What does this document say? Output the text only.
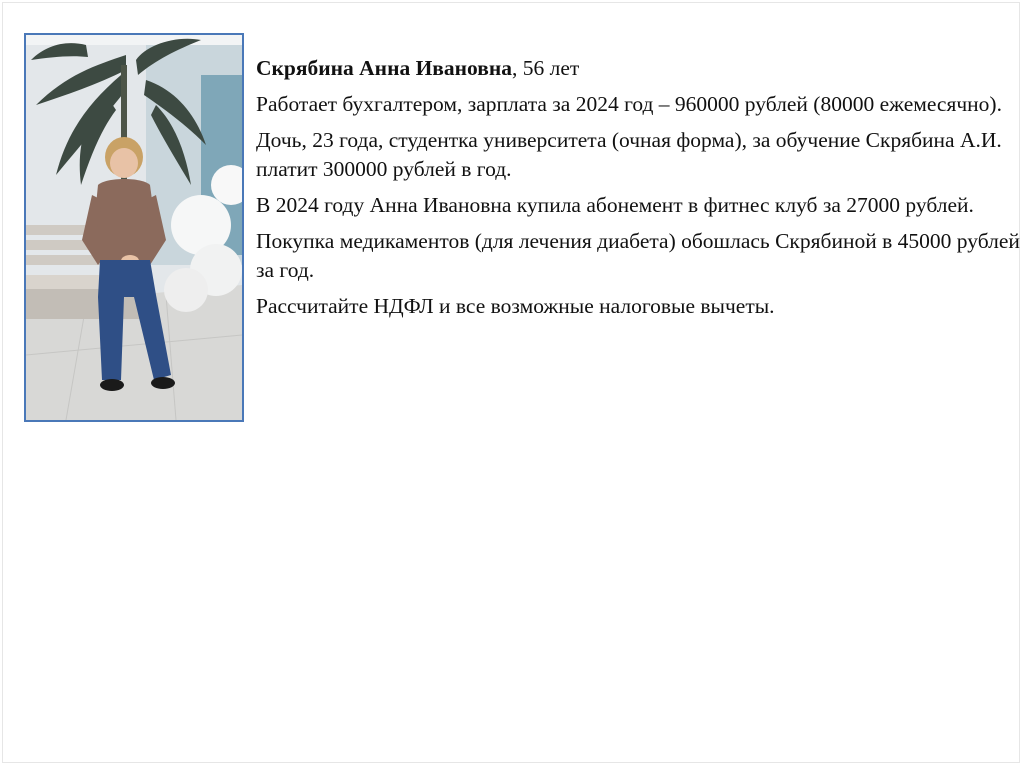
Скрябина Анна Ивановна, 56 лет

Работает бухгалтером, зарплата за 2024 год – 960000 рублей (80000 ежемесячно).

Дочь, 23 года, студентка университета (очная форма), за обучение Скрябина А.И. платит 300000 рублей в год.

В 2024 году Анна Ивановна купила абонемент в фитнес клуб за 27000 рублей.

Покупка медикаментов (для лечения диабета) обошлась Скрябиной в 45000 рублей за год.

Рассчитайте НДФЛ и все возможные налоговые вычеты.
